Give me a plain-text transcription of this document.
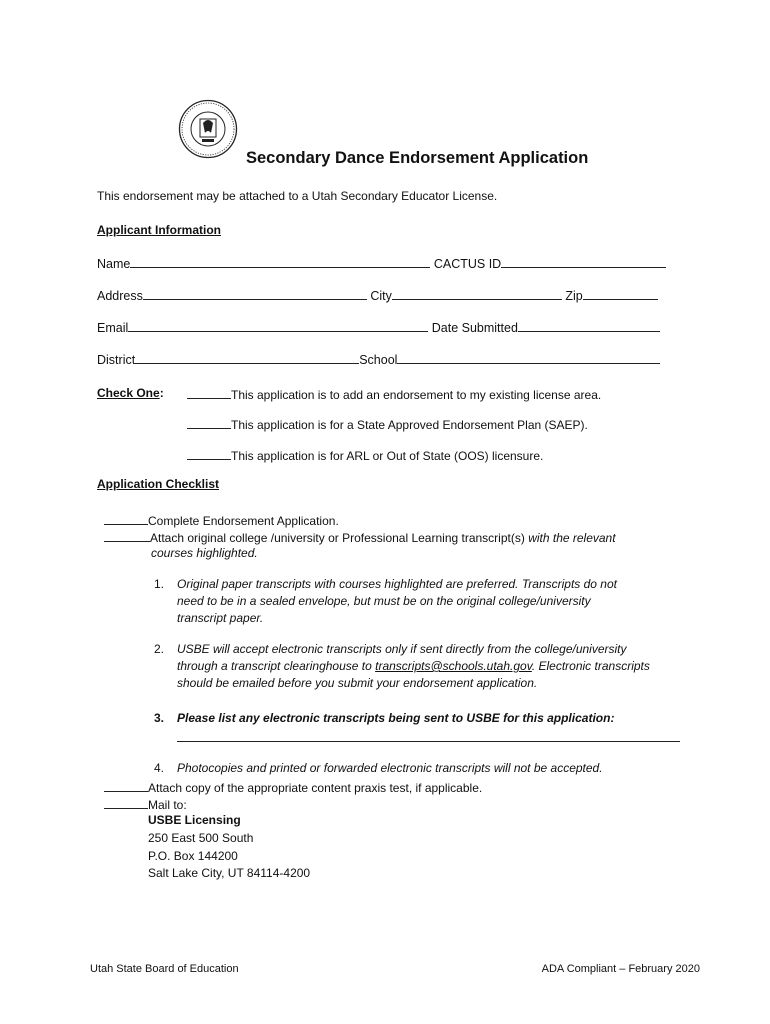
Secondary Dance Endorsement Application
This endorsement may be attached to a Utah Secondary Educator License.
Applicant Information
Name	CACTUS ID
Address	City	Zip
Email	Date Submitted
District	School
Check One:	This application is to add an endorsement to my existing license area.
This application is for a State Approved Endorsement Plan (SAEP).
This application is for ARL or Out of State (OOS) licensure.
Application Checklist
Complete Endorsement Application.
Attach original college /university or Professional Learning transcript(s) with the relevant
courses highlighted.
1. Original paper transcripts with courses highlighted are preferred. Transcripts do not
need to be in a sealed envelope, but must be on the original college/university
transcript paper.
2. USBE will accept electronic transcripts only if sent directly from the college/university
through a transcript clearinghouse to transcripts@schools.utah.gov. Electronic transcripts
should be emailed before you submit your endorsement application.
3. Please list any electronic transcripts being sent to USBE for this application:
4. Photocopies and printed or forwarded electronic transcripts will not be accepted.
Attach copy of the appropriate content praxis test, if applicable.
Mail to:
USBE Licensing
250 East 500 South
P.O. Box 144200
Salt Lake City, UT 84114-4200
Utah State Board of Education	ADA Compliant – February 2020
